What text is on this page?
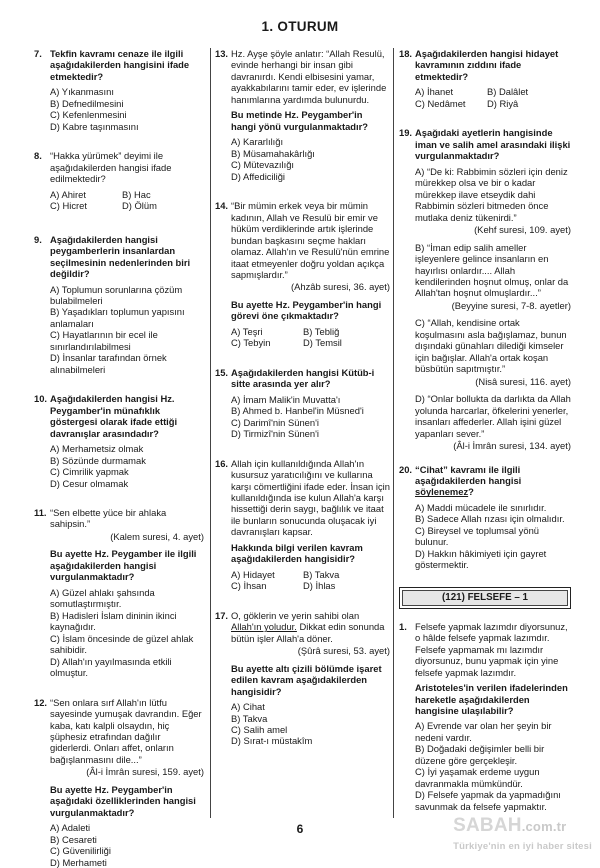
1. OTURUM
7. Tekfin kavramı cenaze ile ilgili aşağıdakilerden hangisini ifade etmektedir?
A) Yıkanmasını
B) Defnedilmesini
C) Kefenlenmesini
D) Kabre taşınmasını
8. “Hakka yürümek” deyimi ile aşağıdakilerden hangisi ifade edilmektedir?
A) Ahiret	B) Hac
C) Hicret	D) Ölüm
9. Aşağıdakilerden hangisi peygamberlerin insanlardan seçilmesinin nedenlerinden biri değildir?
A) Toplumun sorunlarına çözüm bulabilmeleri
B) Yaşadıkları toplumun yapısını anlamaları
C) Hayatlarının bir ecel ile sınırlandırılabilmesi
D) İnsanlar tarafından örnek alınabilmeleri
10. Aşağıdakilerden hangisi Hz. Peygamber'in münafıklık göstergesi olarak ifade ettiği davranışlar arasındadır?
A) Merhametsiz olmak
B) Sözünde durmamak
C) Cimrilik yapmak
D) Cesur olmamak
11. “Sen elbette yüce bir ahlaka sahipsin.”
(Kalem suresi, 4. ayet)
Bu ayette Hz. Peygamber ile ilgili aşağıdakilerden hangisi vurgulanmaktadır?
A) Güzel ahlakı şahsında somutlaştırmıştır.
B) Hadisleri İslam dininin ikinci kaynağıdır.
C) İslam öncesinde de güzel ahlak sahibidir.
D) Allah'ın yayılmasında etkili olmuştur.
12. “Sen onlara sırf Allah'ın lütfu sayesinde yumuşak davrandın. Eğer kaba, katı kalpli olsaydın, hiç şüphesiz etrafından dağılır giderlerdi. Onları affet, onların bağışlanmasını dile...”
(Âl-i İmrân suresi, 159. ayet)
Bu ayette Hz. Peygamber'in aşağıdaki özelliklerinden hangisi vurgulanmaktadır?
A) Adaleti
B) Cesareti
C) Güvenilirliği
D) Merhameti
13. Hz. Ayşe şöyle anlatır: “Allah Resulü, evinde herhangi bir insan gibi davranırdı. Kendi elbisesini yamar, ayakkabılarını tamir eder, ev işlerinde hanımlarına yardımda bulunurdu.
Bu metinde Hz. Peygamber'in hangi yönü vurgulanmaktadır?
A) Kararlılığı
B) Müsamahakârlığı
C) Mütevazılığı
D) Affediciliği
14. “Bir mümin erkek veya bir mümin kadının, Allah ve Resulü bir emir ve hüküm verdiklerinde artık işlerinde bundan başkasını seçme hakları olamaz. Allah'ın ve Resulü'nün emrine itaat etmeyenler doğru yoldan açıkça sapmışlardır.”
(Ahzâb suresi, 36. ayet)
Bu ayette Hz. Peygamber'in hangi görevi öne çıkmaktadır?
A) Teşri	B) Tebliğ
C) Tebyin	D) Temsil
15. Aşağıdakilerden hangisi Kütüb-i sitte arasında yer alır?
A) İmam Malik'in Muvatta'ı
B) Ahmed b. Hanbel'in Müsned'i
C) Darimî'nin Sünen'i
D) Tirmizî'nin Sünen'i
16. Allah için kullanıldığında Allah'ın kusursuz yaratıcılığını ve kullarına karşı cömertliğini ifade eder. İnsan için kullanıldığında ise kulun Allah'a karşı hissettiği derin saygı, bağlılık ve itaat ile bunların sonucunda oluşacak iyi davranışları kapsar.
Hakkında bilgi verilen kavram aşağıdakilerden hangisidir?
A) Hidayet	B) Takva
C) İhsan	D) İhlas
17. O, göklerin ve yerin sahibi olan Allah'ın yoludur. Dikkat edin sonunda bütün işler Allah'a döner.
(Şûrâ suresi, 53. ayet)
Bu ayette altı çizili bölümde işaret edilen kavram aşağıdakilerden hangisidir?
A) Cihat
B) Takva
C) Salih amel
D) Sırat-ı müstakîm
18. Aşağıdakilerden hangisi hidayet kavramının zıddını ifade etmektedir?
A) İhanet	B) Dalâlet
C) Nedâmet	D) Riyâ
19. Aşağıdaki ayetlerin hangisinde iman ve salih amel arasındaki ilişki vurgulanmaktadır?
A) “De ki: Rabbimin sözleri için deniz mürekkep olsa ve bir o kadar mürekkep ilave etseydik dahi Rabbimin sözleri bitmeden önce mutlaka deniz tükenirdi.”
(Kehf suresi, 109. ayet)
B) “İman edip salih ameller işleyenlere gelince insanların en hayırlısı onlardır.... Allah kendilerinden hoşnut olmuş, onlar da Allah'tan hoşnut olmuşlardır...”
(Beyyine suresi, 7-8. ayetler)
C) “Allah, kendisine ortak koşulmasını asla bağışlamaz, bunun dışındaki günahları dilediği kimseler için bağışlar. Allah'a ortak koşan büsbütün sapıtmıştır.”
(Nisâ suresi, 116. ayet)
D) “Onlar bollukta da darlıkta da Allah yolunda harcarlar, öfkelerini yenerler, insanları affederler. Allah işini güzel yapanları sever.”
(Âl-i İmrân suresi, 134. ayet)
20. “Cihat” kavramı ile ilgili aşağıdakilerden hangisi söylenemez?
A) Maddi mücadele ile sınırlıdır.
B) Sadece Allah rızası için olmalıdır.
C) Bireysel ve toplumsal yönü bulunur.
D) Hakkın hâkimiyeti için gayret göstermektir.
(121) FELSEFE – 1
1. Felsefe yapmak lazımdır diyorsunuz, o hâlde felsefe yapmak lazımdır. Felsefe yapmamak mı lazımdır diyorsunuz, bunu yapmak için yine felsefe yapmak lazımdır.
Aristoteles'in verilen ifadelerinden hareketle aşağıdakilerden hangisine ulaşılabilir?
A) Evrende var olan her şeyin bir nedeni vardır.
B) Doğadaki değişimler belli bir düzene göre gerçekleşir.
C) İyi yaşamak erdeme uygun davranmakla mümkündür.
D) Felsefe yapmak da yapmadığını savunmak da felsefe yapmaktır.
6	SABAH.com.tr
Türkiye'nin en iyi haber sitesi
